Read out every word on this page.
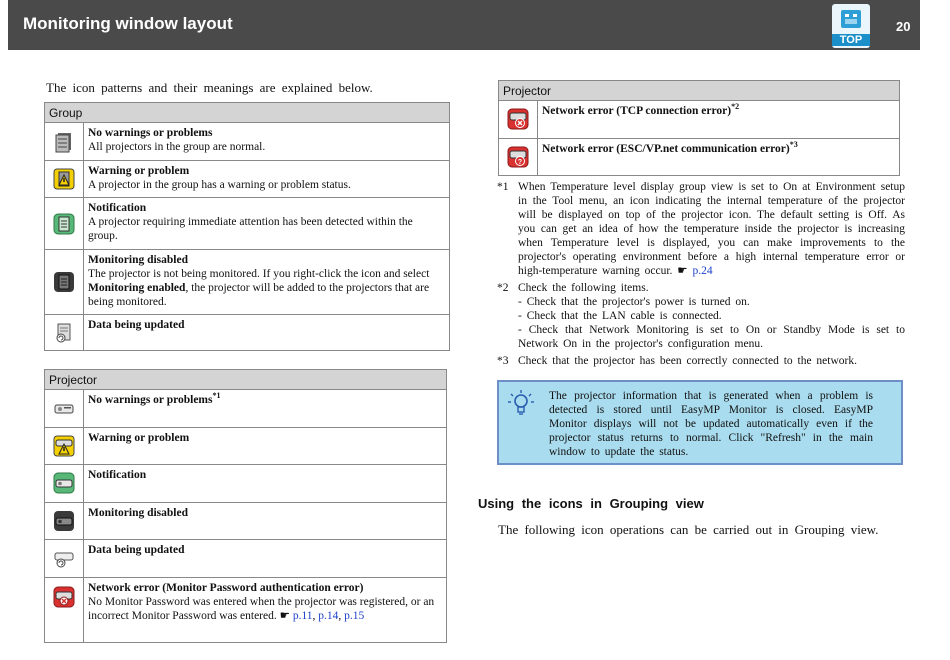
Monitoring window layout
TOP
20
The icon patterns and their meanings are explained below.
Group	

No warnings or problems
All projectors in the group are normal.

Warning or problem
A projector in the group has a warning or problem status.

Notification
A projector requiring immediate attention has been detected within the group.

Monitoring disabled
The projector is not being monitored. If you right-click the icon and select Monitoring enabled, the projector will be added to the projectors that are being monitored.

Data being updated
Projector	

No warnings or problems$^{*1}$

Warning or problem

Notification

Monitoring disabled

Data being updated

Network error (Monitor Password authentication error)
No Monitor Password was entered when the projector was registered, or an incorrect Monitor Password was entered. ☛ p.11, p.14, p.15
Projector	

Network error (TCP connection error)$^{*2}$

?	Network error (ESC/VP.net communication error)$^{*3}$
*1 When Temperature level display group view is set to On at Environment setup in the Tool menu, an icon indicating the internal temperature of the projector will be displayed on top of the projector icon. The default setting is Off. As you can get an idea of how the temperature inside the projector is increasing when Temperature level is displayed, you can make improvements to the projector's operating environment before a high internal temperature error or high-temperature warning occur. ☛ p.24
*2 Check the following items.
- Check that the projector's power is turned on.
- Check that the LAN cable is connected.
- Check that Network Monitoring is set to On or Standby Mode is set to Network On in the projector's configuration menu.
*3 Check that the projector has been correctly connected to the network.
The projector information that is generated when a problem is detected is stored until EasyMP Monitor is closed. EasyMP Monitor displays will not be updated automatically even if the projector status returns to normal. Click "Refresh" in the main window to update the status.
Using the icons in Grouping view
The following icon operations can be carried out in Grouping view.
